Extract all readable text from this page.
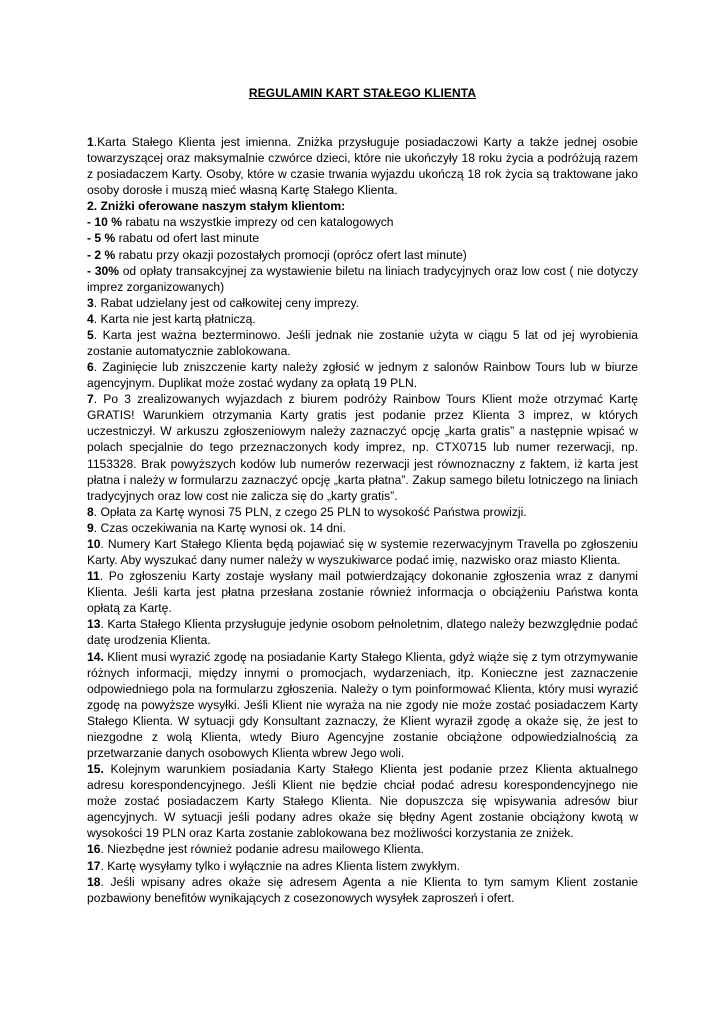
REGULAMIN KART STAŁEGO KLIENTA

1.Karta Stałego Klienta jest imienna. Zniżka przysługuje posiadaczowi Karty a także jednej osobie towarzyszącej oraz maksymalnie czwórce dzieci, które nie ukończyły 18 roku życia a podróżują razem z posiadaczem Karty. Osoby, które w czasie trwania wyjazdu ukończą 18 rok życia są traktowane jako osoby dorosłe i muszą mieć własną Kartę Stałego Klienta.

2. Zniżki oferowane naszym stałym klientom:

- 10 % rabatu na wszystkie imprezy od cen katalogowych

- 5 % rabatu od ofert last minute

- 2 % rabatu przy okazji pozostałych promocji (oprócz ofert last minute)

- 30% od opłaty transakcyjnej za wystawienie biletu na liniach tradycyjnych oraz low cost ( nie dotyczy imprez zorganizowanych)

3. Rabat udzielany jest od całkowitej ceny imprezy.

4. Karta nie jest kartą płatniczą.

5. Karta jest ważna bezterminowo. Jeśli jednak nie zostanie użyta w ciągu 5 lat od jej wyrobienia zostanie automatycznie zablokowana.

6. Zaginięcie lub zniszczenie karty należy zgłosić w jednym z salonów Rainbow Tours lub w biurze agencyjnym. Duplikat może zostać wydany za opłatą 19 PLN.

7. Po 3 zrealizowanych wyjazdach z biurem podróży Rainbow Tours Klient może otrzymać Kartę GRATIS! Warunkiem otrzymania Karty gratis jest podanie przez Klienta 3 imprez, w których uczestniczył. W arkuszu zgłoszeniowym należy zaznaczyć opcję „karta gratis” a następnie wpisać w polach specjalnie do tego przeznaczonych kody imprez, np. CTX0715 lub numer rezerwacji, np. 1153328. Brak powyższych kodów lub numerów rezerwacji jest równoznaczny z faktem, iż karta jest płatna i należy w formularzu zaznaczyć opcję „karta płatna”. Zakup samego biletu lotniczego na liniach tradycyjnych oraz low cost nie zalicza się do „karty gratis”.

8. Opłata za Kartę wynosi 75 PLN, z czego 25 PLN to wysokość Państwa prowizji.

9. Czas oczekiwania na Kartę wynosi ok. 14 dni.

10. Numery Kart Stałego Klienta będą pojawiać się w systemie rezerwacyjnym Travella po zgłoszeniu Karty. Aby wyszukać dany numer należy w wyszukiwarce podać imię, nazwisko oraz miasto Klienta.

11. Po zgłoszeniu Karty zostaje wysłany mail potwierdzający dokonanie zgłoszenia wraz z danymi Klienta. Jeśli karta jest płatna przesłana zostanie również informacja o obciążeniu Państwa konta opłatą za Kartę.

13. Karta Stałego Klienta przysługuje jedynie osobom pełnoletnim, dlatego należy bezwzględnie podać datę urodzenia Klienta.

14. Klient musi wyrazić zgodę na posiadanie Karty Stałego Klienta, gdyż wiąże się z tym otrzymywanie różnych informacji, między innymi o promocjach, wydarzeniach, itp. Konieczne jest zaznaczenie odpowiedniego pola na formularzu zgłoszenia. Należy o tym poinformować Klienta, który musi wyrazić zgodę na powyższe wysyłki. Jeśli Klient nie wyraża na nie zgody nie może zostać posiadaczem Karty Stałego Klienta. W sytuacji gdy Konsultant zaznaczy, że Klient wyraził zgodę a okaże się, że jest to niezgodne z wolą Klienta, wtedy Biuro Agencyjne zostanie obciążone odpowiedzialnością za przetwarzanie danych osobowych Klienta wbrew Jego woli.

15. Kolejnym warunkiem posiadania Karty Stałego Klienta jest podanie przez Klienta aktualnego adresu korespondencyjnego. Jeśli Klient nie będzie chciał podać adresu korespondencyjnego nie może zostać posiadaczem Karty Stałego Klienta. Nie dopuszcza się wpisywania adresów biur agencyjnych. W sytuacji jeśli podany adres okaże się błędny Agent zostanie obciążony kwotą w wysokości 19 PLN oraz Karta zostanie zablokowana bez możliwości korzystania ze zniżek.

16. Niezbędne jest również podanie adresu mailowego Klienta.

17. Kartę wysyłamy tylko i wyłącznie na adres Klienta listem zwykłym.

18. Jeśli wpisany adres okaże się adresem Agenta a nie Klienta to tym samym Klient zostanie pozbawiony benefitów wynikających z cosezonowych wysyłek zaproszeń i ofert.
